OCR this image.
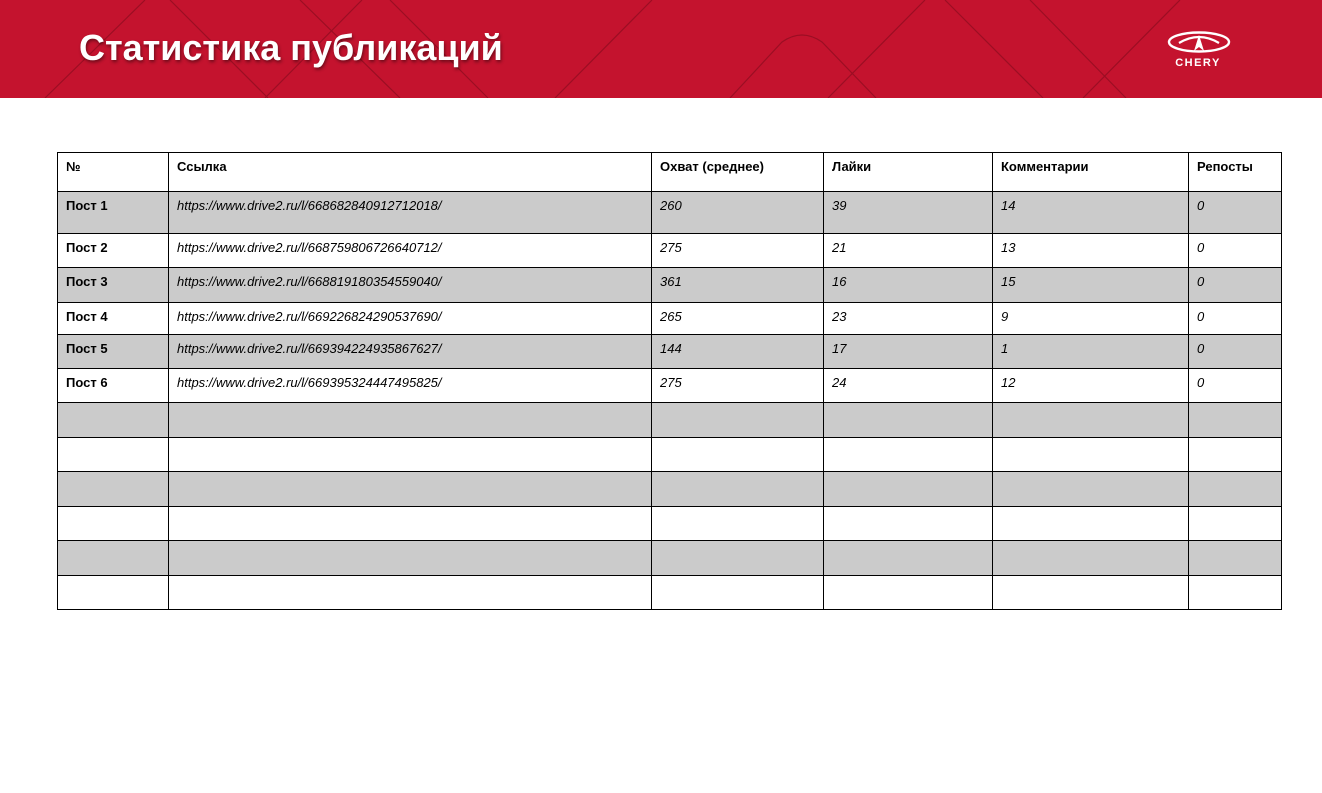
Статистика публикаций	CHERY
№	Ссылка	Охват (среднее)	Лайки	Комментарии	Репосты
Пост 1	https://www.drive2.ru/l/668682840912712018/	260	39	14	0
Пост 2	https://www.drive2.ru/l/668759806726640712/	275	21	13	0
Пост 3	https://www.drive2.ru/l/668819180354559040/	361	16	15	0
Пост 4	https://www.drive2.ru/l/669226824290537690/	265	23	9	0
Пост 5	https://www.drive2.ru/l/669394224935867627/	144	17	1	0
Пост 6	https://www.drive2.ru/l/669395324447495825/	275	24	12	0
